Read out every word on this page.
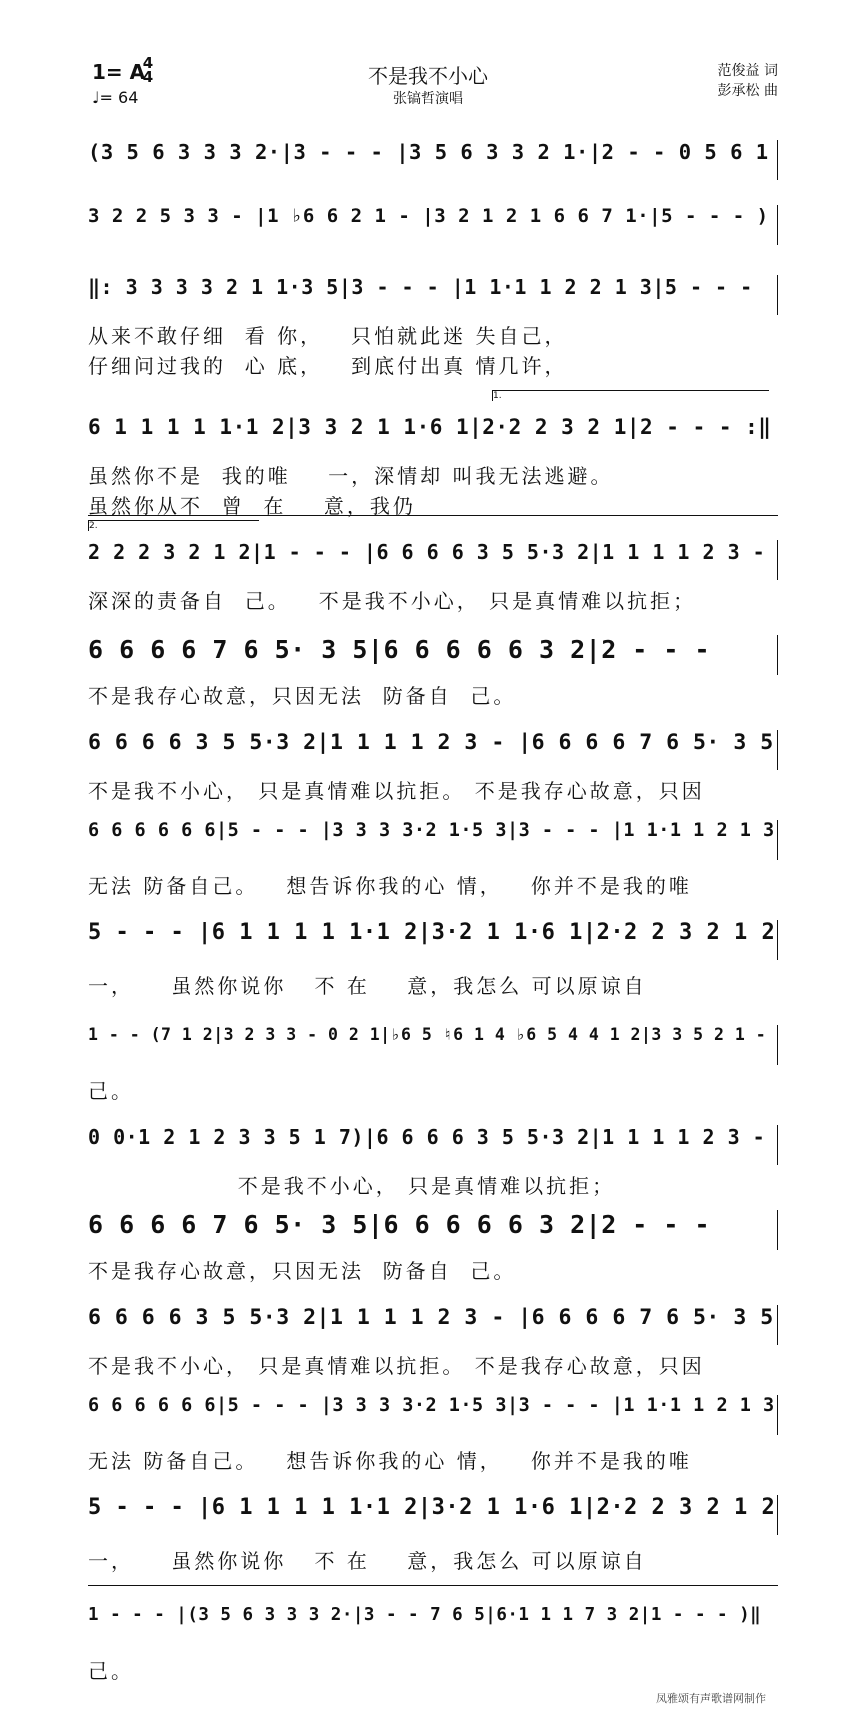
1= A
4
4
♩= 64
不是我不小心
张镐哲演唱
范俊益 词
彭承松 曲
(3 5 6 3 3 3 2·|3 - - - |3 5 6 3 3 2 1·|2 - - 0 5 6 1
3 2 2 5 3 3 - |1 ♭6 6 2 1 - |3 2 1 2 1 6 6 7 1·|5 - - - )
‖: 3 3 3 3 2 1 1·3 5|3 - - - |1 1·1 1 2 2 1 3|5 - - -
从来不敢仔细  看 你，   只怕就此迷 失自己，
仔细问过我的  心 底，   到底付出真 情几许，
1.
6 1 1 1 1 1·1 2|3 3 2 1 1·6 1|2·2 2 3 2 1|2 - - - :‖
虽然你不是  我的唯    一，深情却 叫我无法逃避。
虽然你从不  曾  在    意，我仍
2.
2 2 2 3 2 1 2|1 - - - |6 6 6 6 3 5 5·3 2|1 1 1 1 2 3 -
深深的责备自  己。   不是我不小心， 只是真情难以抗拒；
6 6 6 6 7 6 5· 3 5|6 6 6 6 6 3 2|2 - - -
不是我存心故意，只因无法  防备自  己。
6 6 6 6 3 5 5·3 2|1 1 1 1 2 3 - |6 6 6 6 7 6 5· 3 5
不是我不小心， 只是真情难以抗拒。 不是我存心故意，只因
6 6 6 6 6 6|5 - - - |3 3 3 3·2 1·5 3|3 - - - |1 1·1 1 2 1 3
无法 防备自己。   想告诉你我的心 情，   你并不是我的唯
5 - - - |6 1 1 1 1 1·1 2|3·2 1 1·6 1|2·2 2 3 2 1 2
一，    虽然你说你   不 在    意，我怎么 可以原谅自
1 - - (7 1 2|3 2 3 3 - 0 2 1|♭6 5 ♮6 1 4 ♭6 5 4 4 1 2|3 3 5 2 1 -
己。
0 0·1 2 1 2 3 3 5 1 7)|6 6 6 6 3 5 5·3 2|1 1 1 1 2 3 -
不是我不小心， 只是真情难以抗拒；
6 6 6 6 7 6 5· 3 5|6 6 6 6 6 3 2|2 - - -
不是我存心故意，只因无法  防备自  己。
6 6 6 6 3 5 5·3 2|1 1 1 1 2 3 - |6 6 6 6 7 6 5· 3 5
不是我不小心， 只是真情难以抗拒。 不是我存心故意，只因
6 6 6 6 6 6|5 - - - |3 3 3 3·2 1·5 3|3 - - - |1 1·1 1 2 1 3
无法 防备自己。   想告诉你我的心 情，   你并不是我的唯
5 - - - |6 1 1 1 1 1·1 2|3·2 1 1·6 1|2·2 2 3 2 1 2
一，    虽然你说你   不 在    意，我怎么 可以原谅自
1 - - - |(3 5 6 3 3 3 2·|3 - - 7 6 5|6·1 1 1 7 3 2|1 - - - )‖
己。
凤雅颂有声歌谱网制作
